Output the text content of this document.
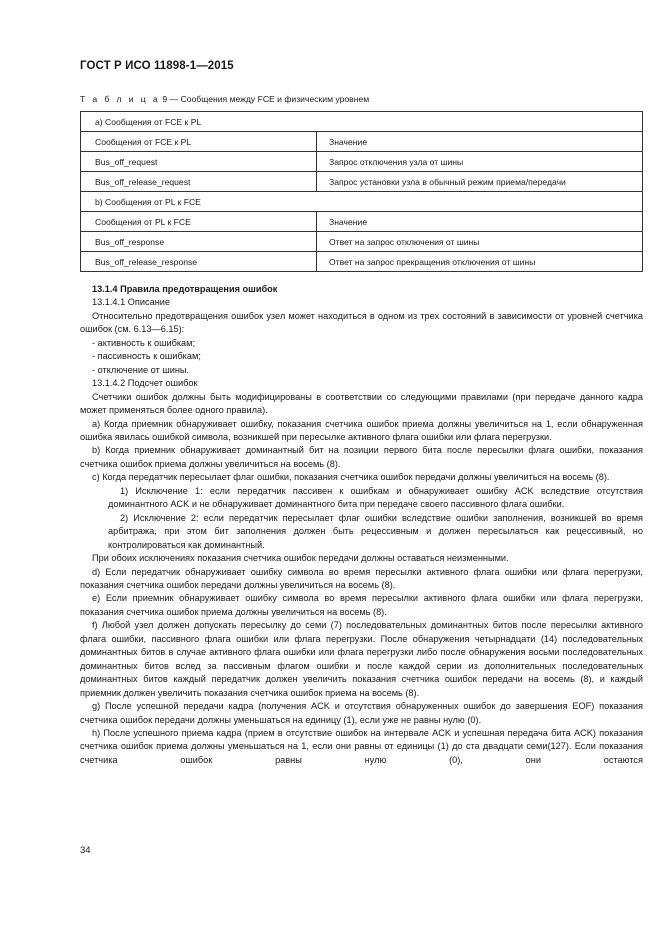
ГОСТ Р ИСО 11898-1—2015
Т а б л и ц а 9 — Сообщения между FCE и физическим уровнем
а) Сообщения от FCE к PL	
Сообщения от FCE к PL	Значение
Bus_off_request	Запрос отключения узла от шины
Bus_off_release_request	Запрос установки узла в обычный режим приема/передачи
b) Сообщения от PL к FCE	
Сообщения от PL к FCE	Значение
Bus_off_response	Ответ на запрос отключения от шины
Bus_off_release_response	Ответ на запрос прекращения отключения от шины

13.1.4 Правила предотвращения ошибок

13.1.4.1 Описание

Относительно предотвращения ошибок узел может находиться в одном из трех состояний в зависимости от уровней счетчика ошибок (см. 6.13—6.15):

- активность к ошибкам;

- пассивность к ошибкам;

- отключение от шины.

13.1.4.2 Подсчет ошибок

Счетчики ошибок должны быть модифицированы в соответствии со следующими правилами (при передаче данного кадра может применяться более одного правила).

а) Когда приемник обнаруживает ошибку, показания счетчика ошибок приема должны увеличиться на 1, если обнаруженная ошибка явилась ошибкой символа, возникшей при пересылке активного флага ошибки или флага перегрузки.

b) Когда приемник обнаруживает доминантный бит на позиции первого бита после пересылки флага ошибки, показания счетчика ошибок приема должны увеличиться на восемь (8).

с) Когда передатчик пересылает флаг ошибки, показания счетчика ошибок передачи должны увеличиться на восемь (8).

1) Исключение 1: если передатчик пассивен к ошибкам и обнаруживает ошибку ACK вследствие отсутствия доминантного ACK и не обнаруживает доминантного бита при передаче своего пассивного флага ошибки.

2) Исключение 2: если передатчик пересылает флаг ошибки вследствие ошибки заполнения, возникшей во время арбитража, при этом бит заполнения должен быть рецессивным и должен пересылаться как рецессивный, но контролироваться как доминантный.

При обоих исключениях показания счетчика ошибок передачи должны оставаться неизменными.

d) Если передатчик обнаруживает ошибку символа во время пересылки активного флага ошибки или флага перегрузки, показания счетчика ошибок передачи должны увеличиться на восемь (8).

е) Если приемник обнаруживает ошибку символа во время пересылки активного флага ошибки или флага перегрузки, показания счетчика ошибок приема должны увеличиться на восемь (8).

f) Любой узел должен допускать пересылку до семи (7) последовательных доминантных битов после пересылки активного флага ошибки, пассивного флага ошибки или флага перегрузки. После обнаружения четырнадцати (14) последовательных доминантных битов в случае активного флага ошибки или флага перегрузки либо после обнаружения восьми последовательных доминантных битов вслед за пассивным флагом ошибки и после каждой серии из дополнительных последовательных доминантных битов каждый передатчик должен увеличить показания счетчика ошибок передачи на восемь (8), и каждый приемник должен увеличить показания счетчика ошибок приема на восемь (8).

g) После успешной передачи кадра (получения ACK и отсутствия обнаруженных ошибок до завершения EOF) показания счетчика ошибок передачи должны уменьшаться на единицу (1), если уже не равны нулю (0).

h) После успешного приема кадра (прием в отсутствие ошибок на интервале ACK и успешная передача бита ACK) показания счетчика ошибок приема должны уменьшаться на 1, если они равны от единицы (1) до ста двадцати семи(127). Если показания счетчика ошибок равны нулю (0), они остаются

34
